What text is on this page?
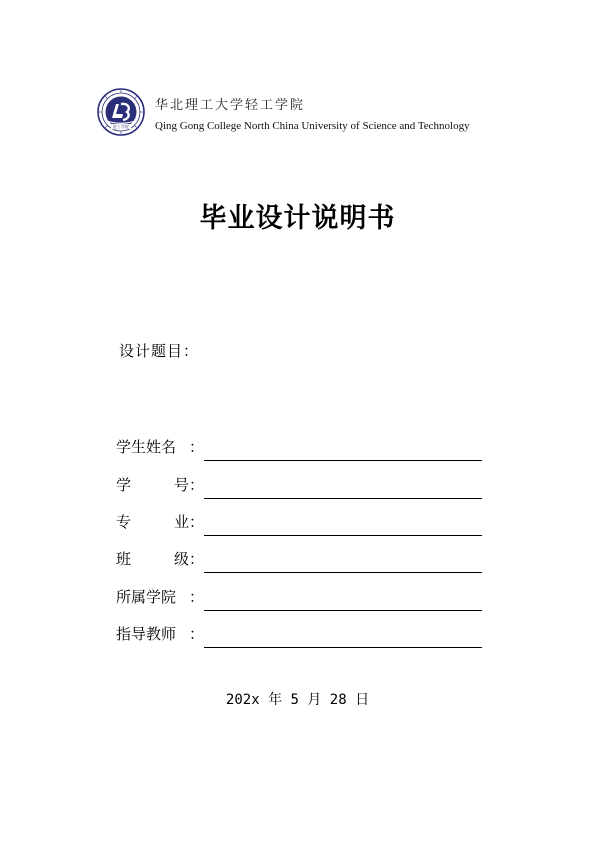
轻工学院
华北理工大学轻工学院
Qing Gong College North China University of Science and Technology
毕业设计说明书
设计题目：
学生姓名 ：
学	号：
专	业：
班	级：
所属学院 ：
指导教师 ：
202x 年 5 月 28 日
